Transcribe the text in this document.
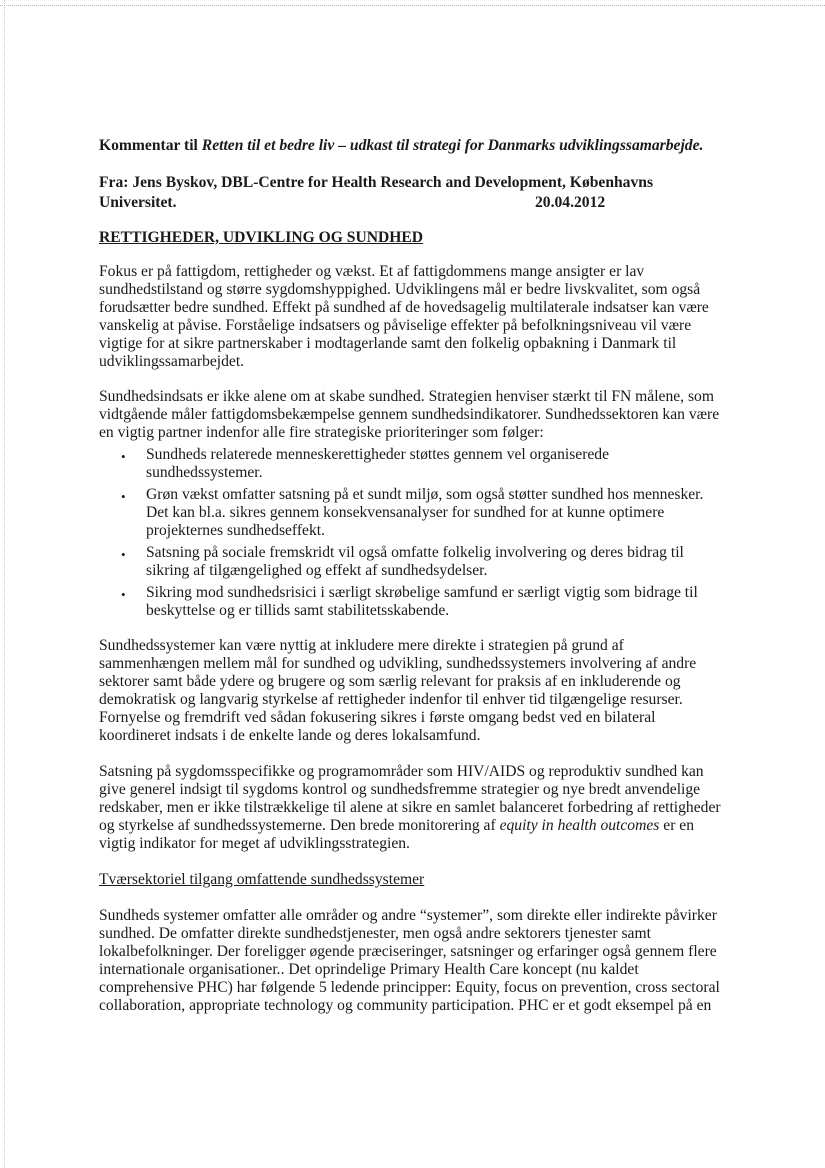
Kommentar til Retten til et bedre liv – udkast til strategi for Danmarks udviklingssamarbejde.
Fra: Jens Byskov, DBL-Centre for Health Research and Development, Københavns
Universitet.	20.04.2012
RETTIGHEDER, UDVIKLING OG SUNDHED
Fokus er på fattigdom, rettigheder og vækst. Et af fattigdommens mange ansigter er lav
sundhedstilstand og større sygdomshyppighed. Udviklingens mål er bedre livskvalitet, som også
forudsætter bedre sundhed. Effekt på sundhed af de hovedsagelig multilaterale indsatser kan være
vanskelig at påvise. Forståelige indsatsers og påviselige effekter på befolkningsniveau vil være
vigtige for at sikre partnerskaber i modtagerlande samt den folkelig opbakning i Danmark til
udviklingssamarbejdet.
Sundhedsindsats er ikke alene om at skabe sundhed. Strategien henviser stærkt til FN målene, som
vidtgående måler fattigdomsbekæmpelse gennem sundhedsindikatorer. Sundhedssektoren kan være
en vigtig partner indenfor alle fire strategiske prioriteringer som følger:
• Sundheds relaterede menneskerettigheder støttes gennem vel organiserede
sundhedssystemer.
• Grøn vækst omfatter satsning på et sundt miljø, som også støtter sundhed hos mennesker.
Det kan bl.a. sikres gennem konsekvensanalyser for sundhed for at kunne optimere
projekternes sundhedseffekt.
• Satsning på sociale fremskridt vil også omfatte folkelig involvering og deres bidrag til
sikring af tilgængelighed og effekt af sundhedsydelser.
• Sikring mod sundhedsrisici i særligt skrøbelige samfund er særligt vigtig som bidrage til
beskyttelse og er tillids samt stabilitetsskabende.
Sundhedssystemer kan være nyttig at inkludere mere direkte i strategien på grund af
sammenhængen mellem mål for sundhed og udvikling, sundhedssystemers involvering af andre
sektorer samt både ydere og brugere og som særlig relevant for praksis af en inkluderende og
demokratisk og langvarig styrkelse af rettigheder indenfor til enhver tid tilgængelige resurser.
Fornyelse og fremdrift ved sådan fokusering sikres i første omgang bedst ved en bilateral
koordineret indsats i de enkelte lande og deres lokalsamfund.
Satsning på sygdomsspecifikke og programområder som HIV/AIDS og reproduktiv sundhed kan
give generel indsigt til sygdoms kontrol og sundhedsfremme strategier og nye bredt anvendelige
redskaber, men er ikke tilstrækkelige til alene at sikre en samlet balanceret forbedring af rettigheder
og styrkelse af sundhedssystemerne. Den brede monitorering af equity in health outcomes er en
vigtig indikator for meget af udviklingsstrategien.
Tværsektoriel tilgang omfattende sundhedssystemer
Sundheds systemer omfatter alle områder og andre “systemer”, som direkte eller indirekte påvirker
sundhed. De omfatter direkte sundhedstjenester, men også andre sektorers tjenester samt
lokalbefolkninger. Der foreligger øgende præciseringer, satsninger og erfaringer også gennem flere
internationale organisationer.. Det oprindelige Primary Health Care koncept (nu kaldet
comprehensive PHC) har følgende 5 ledende principper: Equity, focus on prevention, cross sectoral
collaboration, appropriate technology og community participation. PHC er et godt eksempel på en
